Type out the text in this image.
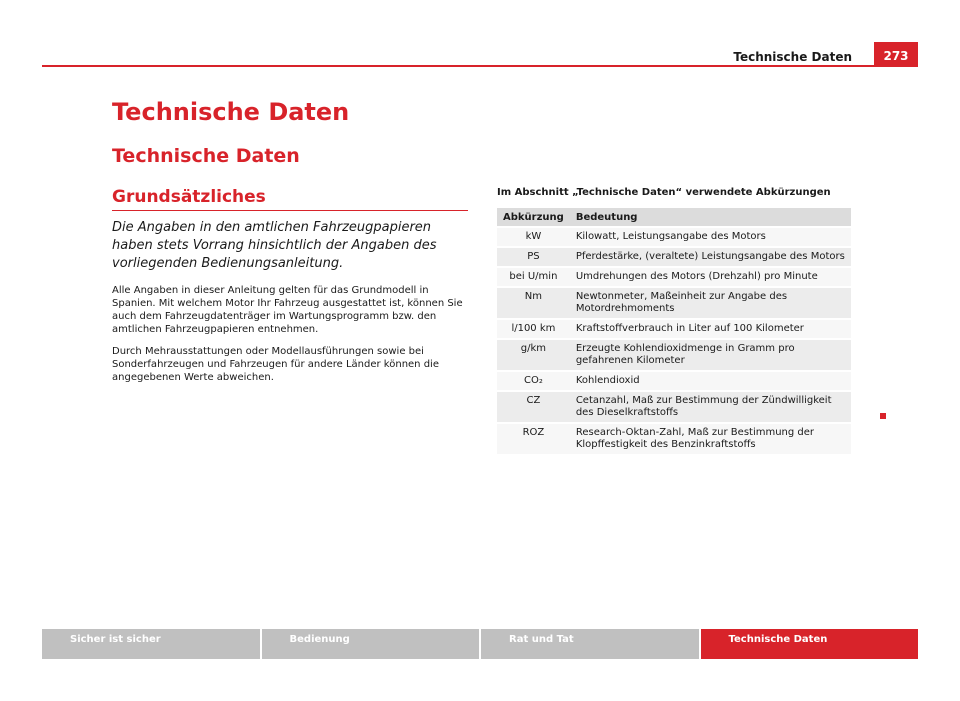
Technische Daten	273
Technische Daten
Technische Daten
Grundsätzliches
Die Angaben in den amtlichen Fahrzeugpapieren haben stets Vorrang hinsichtlich der Angaben des vorliegenden Bedienungsanleitung.
Alle Angaben in dieser Anleitung gelten für das Grundmodell in Spanien. Mit welchem Motor Ihr Fahrzeug ausgestattet ist, können Sie auch dem Fahrzeugdatenträger im Wartungsprogramm bzw. den amtlichen Fahrzeugpapieren entnehmen.
Durch Mehrausstattungen oder Modellausführungen sowie bei Sonderfahrzeugen und Fahrzeugen für andere Länder können die angegebenen Werte abweichen.
Im Abschnitt „Technische Daten“ verwendete Abkürzungen
Abkürzung	Bedeutung
kW	Kilowatt, Leistungsangabe des Motors
PS	Pferdestärke, (veraltete) Leistungsangabe des Motors
bei U/min	Umdrehungen des Motors (Drehzahl) pro Minute
Nm	Newtonmeter, Maßeinheit zur Angabe des Motordrehmoments
l/100 km	Kraftstoffverbrauch in Liter auf 100 Kilometer
g/km	Erzeugte Kohlendioxidmenge in Gramm pro gefahrenen Kilometer
CO₂	Kohlendioxid
CZ	Cetanzahl, Maß zur Bestimmung der Zündwilligkeit des Dieselkraftstoffs
ROZ	Research-Oktan-Zahl, Maß zur Bestimmung der Klopffestigkeit des Benzinkraftstoffs
Sicher ist sicher	Bedienung	Rat und Tat	Technische Daten
